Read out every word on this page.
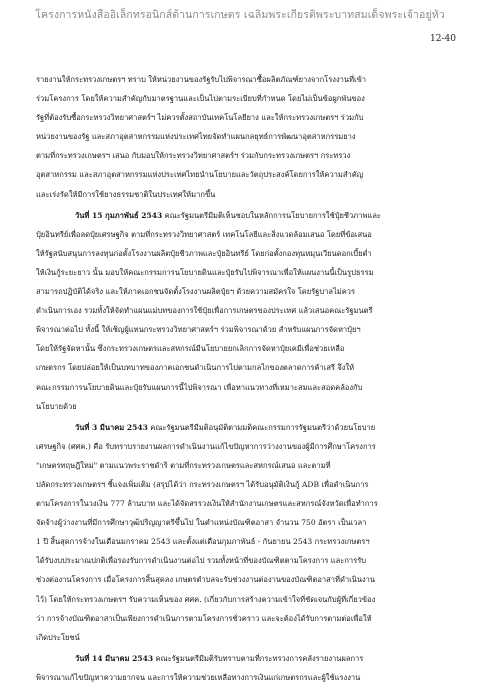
โครงการหนังสืออิเล็กทรอนิกส์ด้านการเกษตร เฉลิมพระเกียรติพระบาทสมเด็จพระเจ้าอยู่หัว
12-40
รายงานให้กระทรวงเกษตรฯ ทราบ ให้หน่วยงานของรัฐรับไปพิจารณาซื้อผลิตภัณฑ์ยางจากโรงงานที่เข้า
ร่วมโครงการ โดยให้ความสำคัญกับมาตรฐานและเป็นไปตามระเบียบที่กำหนด โดยไม่เป็นข้อผูกพันของ
รัฐที่ต้องรับซื้อกระทรวงวิทยาศาสตร์ฯ ไม่ควรตั้งสถาบันเทคโนโลยียาง และให้กระทรวงเกษตรฯ ร่วมกับ
หน่วยงานของรัฐ และสภาอุตสาหกรรมแห่งประเทศไทยจัดทำแผนกลยุทธ์การพัฒนาอุตสาหกรรมยาง
ตามที่กระทรวงเกษตรฯ เสนอ กับมอบให้กระทรวงวิทยาศาสตร์ฯ ร่วมกับกระทรวงเกษตรฯ กระทรวง
อุตสาหกรรม และสภาอุตสาหกรรมแห่งประเทศไทยนำนโยบายและวัตถุประสงค์โดยการให้ความสำคัญ
และเร่งรัดให้มีการใช้ยางธรรมชาติในประเทศให้มากขึ้น
วันที่ 15 กุมภาพันธ์ 2543 คณะรัฐมนตรีมีมติเห็นชอบในหลักการนโยบายการใช้ปุ๋ยชีวภาพและ
ปุ๋ยอินทรีย์เพื่อลดปุ๋ยเศรษฐกิจ ตามที่กระทรวงวิทยาศาสตร์ เทคโนโลยีและสิ่งแวดล้อมเสนอ โดยที่ข้อเสนอ
ให้รัฐสนับสนุนการลงทุนก่อตั้งโรงงานผลิตปุ๋ยชีวภาพและปุ๋ยอินทรีย์ โดยก่อตั้งกองทุนหมุนเวียนดอกเบี้ยต่ำ
ให้เงินกู้ระยะยาว นั้น มอบให้คณะกรรมการนโยบายดินและปุ๋ยรับไปพิจารณาเพื่อให้แผนงานนี้เป็นรูปธรรม
สามารถปฏิบัติได้จริง และให้ภาคเอกชนจัดตั้งโรงงานผลิตปุ๋ยฯ ด้วยความสมัครใจ โดยรัฐบาลไม่ควร
ดำเนินการเอง รวมทั้งให้จัดทำแผนแม่บทของการใช้ปุ๋ยเพื่อการเกษตรของประเทศ แล้วเสนอคณะรัฐมนตรี
พิจารณาต่อไป ทั้งนี้ ให้เชิญผู้แทนกระทรวงวิทยาศาสตร์ฯ ร่วมพิจารณาด้วย สำหรับแผนการจัดหาปุ๋ยฯ
โดยให้รัฐจัดหานั้น ซึ่งกระทรวงเกษตรและสหกรณ์มีนโยบายยกเลิกการจัดหาปุ๋ยเคมีเพื่อช่วยเหลือ
เกษตรกร โดยปล่อยให้เป็นบทบาทของภาคเอกชนดำเนินการไปตามกลไกของตลาดการค้าเสรี จึงให้
คณะกรรมการนโยบายดินและปุ๋ยรับแผนการนี้ไปพิจารณา เพื่อหาแนวทางที่เหมาะสมและสอดคล้องกับ
นโยบายด้วย
วันที่ 3 มีนาคม 2543 คณะรัฐมนตรีมีมติอนุมัติตามมติคณะกรรมการรัฐมนตรีว่าด้วยนโยบาย
เศรษฐกิจ (ศศค.) คือ รับทราบรายงานผลการดำเนินงานแก้ไขปัญหาการว่างงานของผู้มีการศึกษาโครงการ
"เกษตรทฤษฎีใหม่" ตามแนวพระราชดำริ ตามที่กระทรวงเกษตรและสหกรณ์เสนอ และตามที่
ปลัดกระทรวงเกษตรฯ ชี้แจงเพิ่มเติม (สรุปได้ว่า กระทรวงเกษตรฯ ได้รับอนุมัติเงินกู้ ADB เพื่อดำเนินการ
ตามโครงการในวงเงิน 777 ล้านบาท และได้จัดสรรวงเงินให้สำนักงานเกษตรและสหกรณ์จังหวัดเพื่อทำการ
จัดจ้างผู้ว่างงานที่มีการศึกษาวุฒิปริญญาตรีขึ้นไป ในตำแหน่งบัณฑิตอาสา จำนวน 750 อัตรา เป็นเวลา
1 ปี สิ้นสุดการจ้างในเดือนมกราคม 2543 และตั้งแต่เดือนกุมภาพันธ์ - กันยายน 2543 กระทรวงเกษตรฯ
ได้รับงบประมาณปกติเพื่อรองรับการดำเนินงานต่อไป รวมทั้งหน้าที่ของบัณฑิตตามโครงการ และการรับ
ช่วงต่องานโครงการ เมื่อโครงการสิ้นสุดลง เกษตรตำบลจะรับช่วงงานต่องานของบัณฑิตอาสาที่ดำเนินงาน
ไว้) โดยให้กระทรวงเกษตรฯ รับความเห็นของ ศศค. (เกี่ยวกับการสร้างความเข้าใจที่ชัดเจนกับผู้ที่เกี่ยวข้อง
ว่า การจ้างบัณฑิตอาสาเป็นเพียงการดำเนินการตามโครงการชั่วคราว และจะต้องได้รับการตามต่อเพื่อให้
เกิดประโยชน์
วันที่ 14 มีนาคม 2543 คณะรัฐมนตรีมีมติรับทราบตามที่กระทรวงการคลังรายงานผลการ
พิจารณาแก้ไขปัญหาความยากจน และการให้ความช่วยเหลือทางการเงินแก่เกษตรกรและผู้ใช้แรงงาน
